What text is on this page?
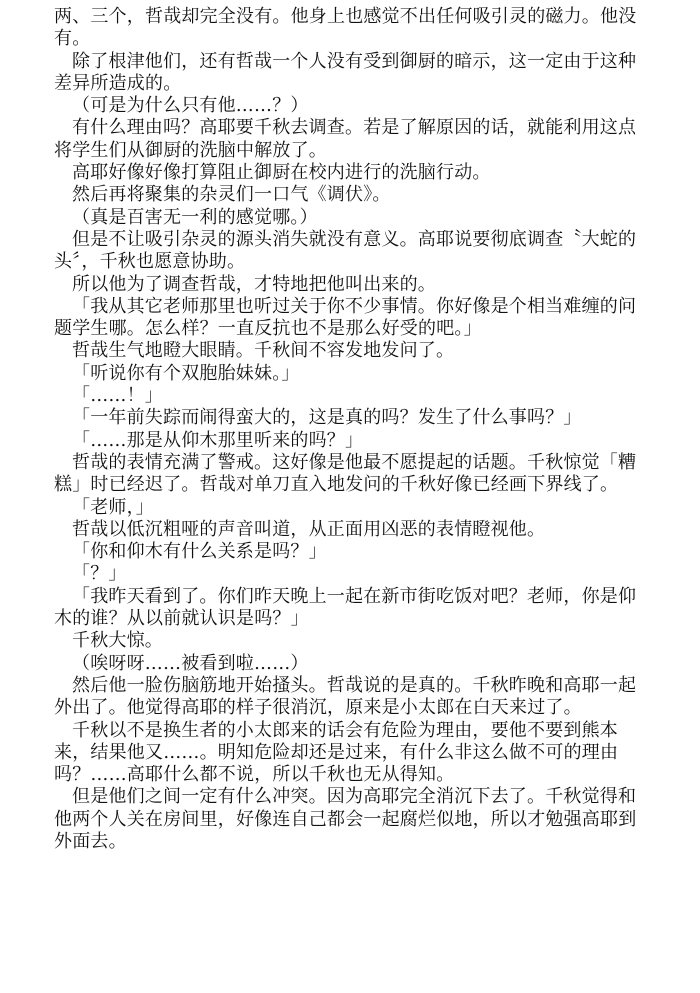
两、三个，哲哉却完全没有。他身上也感觉不出任何吸引灵的磁力。他没有。

除了根津他们，还有哲哉一个人没有受到御厨的暗示，这一定由于这种差异所造成的。

（可是为什么只有他……？）

有什么理由吗？高耶要千秋去调查。若是了解原因的话，就能利用这点将学生们从御厨的洗脑中解放了。

高耶好像好像打算阻止御厨在校内进行的洗脑行动。

然后再将聚集的杂灵们一口气《调伏》。

（真是百害无一利的感觉哪。）

但是不让吸引杂灵的源头消失就没有意义。高耶说要彻底调查〝大蛇的头〞，千秋也愿意协助。

所以他为了调查哲哉，才特地把他叫出来的。

「我从其它老师那里也听过关于你不少事情。你好像是个相当难缠的问题学生哪。怎么样？一直反抗也不是那么好受的吧。」

哲哉生气地瞪大眼睛。千秋间不容发地发问了。

「听说你有个双胞胎妹妹。」

「……！」

「一年前失踪而闹得蛮大的，这是真的吗？发生了什么事吗？」

「……那是从仰木那里听来的吗？」

哲哉的表情充满了警戒。这好像是他最不愿提起的话题。千秋惊觉「糟糕」时已经迟了。哲哉对单刀直入地发问的千秋好像已经画下界线了。

「老师，」

哲哉以低沉粗哑的声音叫道，从正面用凶恶的表情瞪视他。

「你和仰木有什么关系是吗？」

「？」

「我昨天看到了。你们昨天晚上一起在新市街吃饭对吧？老师，你是仰木的谁？从以前就认识是吗？」

千秋大惊。

（唉呀呀……被看到啦……）

然后他一脸伤脑筋地开始搔头。哲哉说的是真的。千秋昨晚和高耶一起外出了。他觉得高耶的样子很消沉，原来是小太郎在白天来过了。

千秋以不是换生者的小太郎来的话会有危险为理由，要他不要到熊本来，结果他又……。明知危险却还是过来，有什么非这么做不可的理由吗？……高耶什么都不说，所以千秋也无从得知。

但是他们之间一定有什么冲突。因为高耶完全消沉下去了。千秋觉得和他两个人关在房间里，好像连自己都会一起腐烂似地，所以才勉强高耶到外面去。
